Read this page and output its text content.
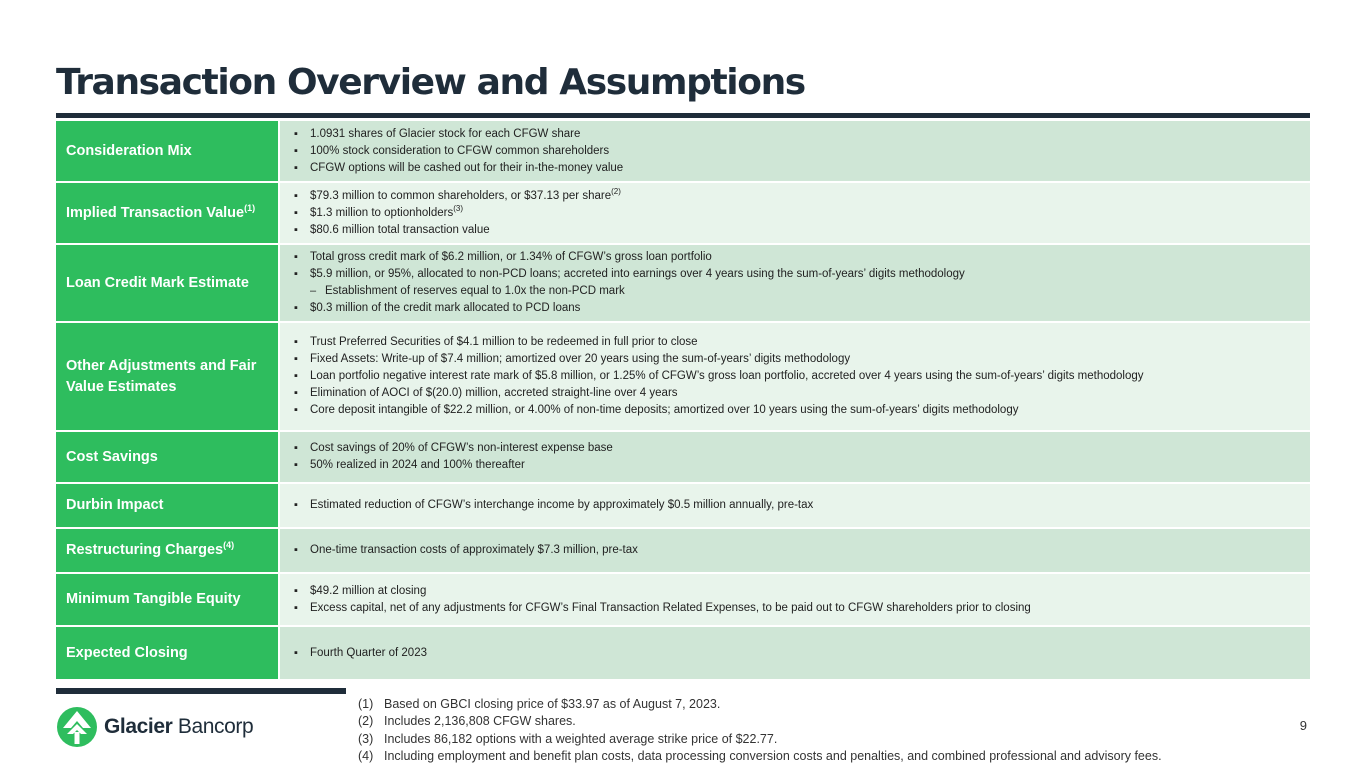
Transaction Overview and Assumptions
Consideration Mix
▪ 1.0931 shares of Glacier stock for each CFGW share
▪ 100% stock consideration to CFGW common shareholders
▪ CFGW options will be cashed out for their in-the-money value
Implied Transaction Value$^{(1)}$
▪ $79.3 million to common shareholders, or $37.13 per share$^{(2)}$
▪ $1.3 million to optionholders$^{(3)}$
▪ $80.6 million total transaction value
Loan Credit Mark Estimate
▪ Total gross credit mark of $6.2 million, or 1.34% of CFGW’s gross loan portfolio
▪ $5.9 million, or 95%, allocated to non-PCD loans; accreted into earnings over 4 years using the sum-of-years’ digits methodology
– Establishment of reserves equal to 1.0x the non-PCD mark
▪ $0.3 million of the credit mark allocated to PCD loans
Other Adjustments and Fair Value Estimates
▪ Trust Preferred Securities of $4.1 million to be redeemed in full prior to close
▪ Fixed Assets: Write-up of $7.4 million; amortized over 20 years using the sum-of-years’ digits methodology
▪ Loan portfolio negative interest rate mark of $5.8 million, or 1.25% of CFGW’s gross loan portfolio, accreted over 4 years using the sum-of-years’ digits methodology
▪ Elimination of AOCI of $(20.0) million, accreted straight-line over 4 years
▪ Core deposit intangible of $22.2 million, or 4.00% of non-time deposits; amortized over 10 years using the sum-of-years’ digits methodology
Cost Savings
▪ Cost savings of 20% of CFGW’s non-interest expense base
▪ 50% realized in 2024 and 100% thereafter
Durbin Impact	▪ Estimated reduction of CFGW’s interchange income by approximately $0.5 million annually, pre-tax
Restructuring Charges$^{(4)}$	▪ One-time transaction costs of approximately $7.3 million, pre-tax
Minimum Tangible Equity
▪ $49.2 million at closing
▪ Excess capital, net of any adjustments for CFGW’s Final Transaction Related Expenses, to be paid out to CFGW shareholders prior to closing
Expected Closing	▪ Fourth Quarter of 2023
Glacier Bancorp
(1) Based on GBCI closing price of $33.97 as of August 7, 2023.
(2) Includes 2,136,808 CFGW shares.
(3) Includes 86,182 options with a weighted average strike price of $22.77.
(4) Including employment and benefit plan costs, data processing conversion costs and penalties, and combined professional and advisory fees.
9
